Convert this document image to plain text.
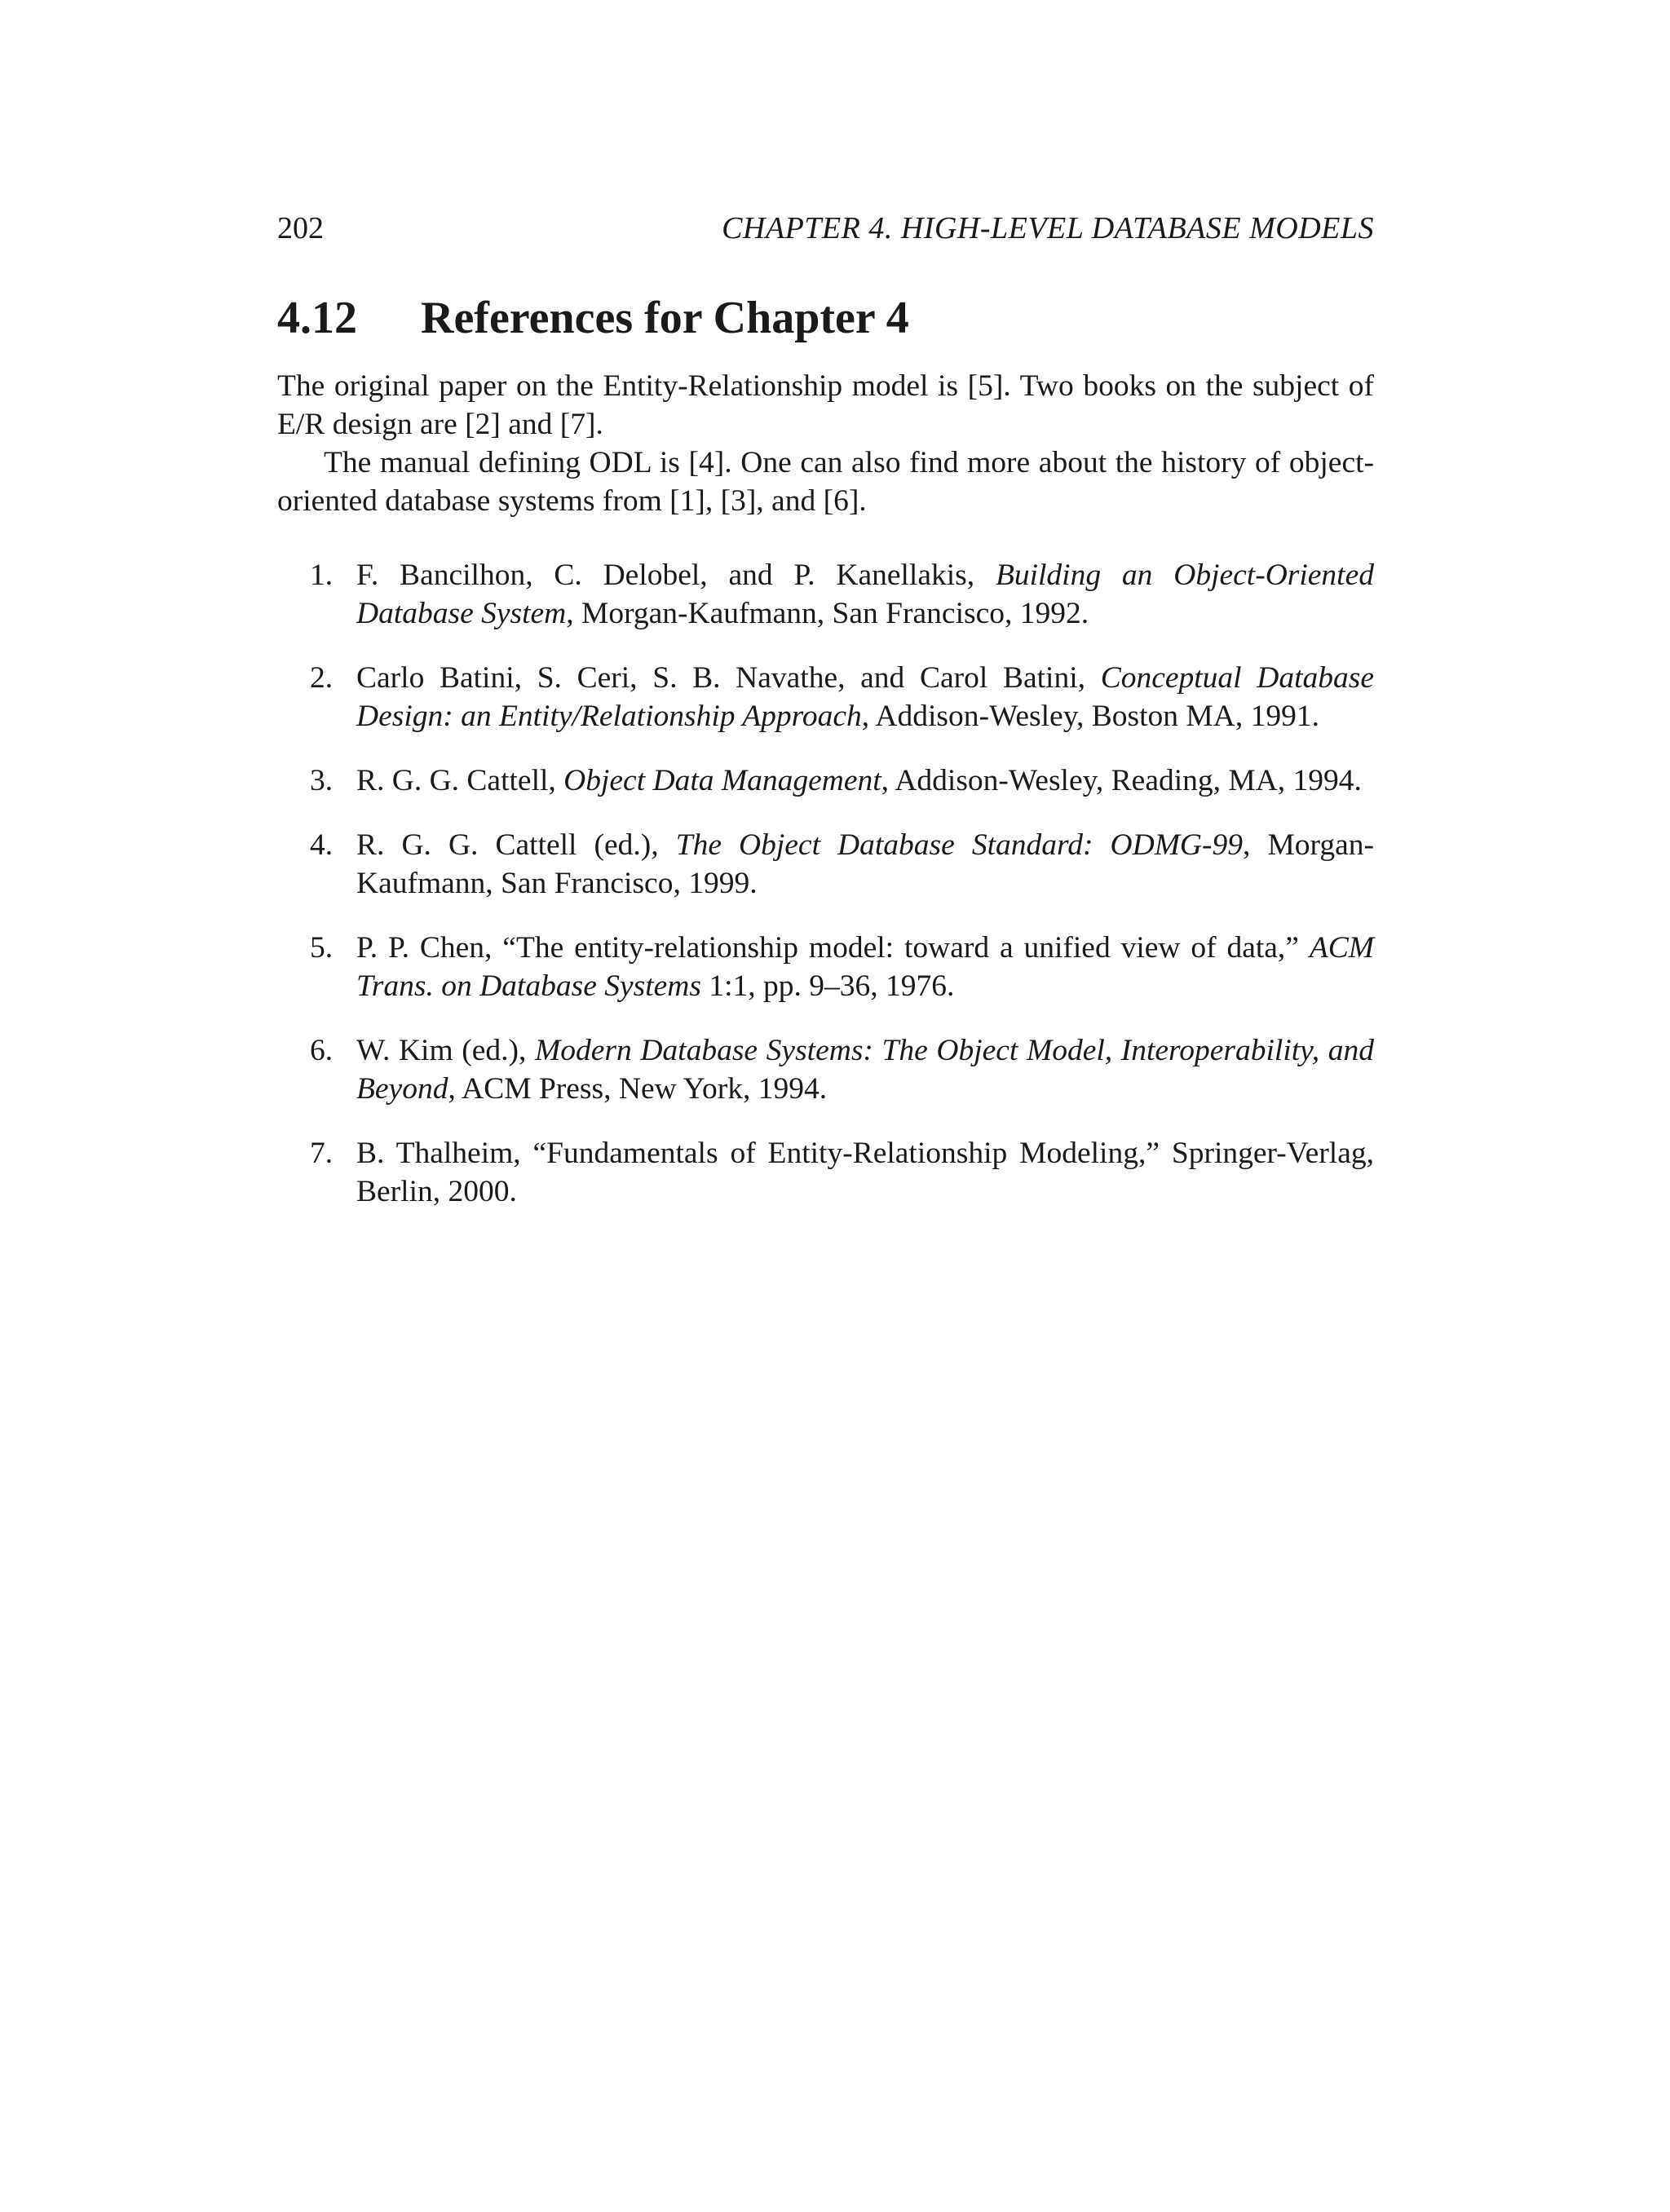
202	CHAPTER 4. HIGH-LEVEL DATABASE MODELS
4.12 References for Chapter 4

The original paper on the Entity-Relationship model is [5]. Two books on the subject of E/R design are [2] and [7].

The manual defining ODL is [4]. One can also find more about the history of object-oriented database systems from [1], [3], and [6].

1. F. Bancilhon, C. Delobel, and P. Kanellakis, Building an Object-Oriented Database System, Morgan-Kaufmann, San Francisco, 1992.
2. Carlo Batini, S. Ceri, S. B. Navathe, and Carol Batini, Conceptual Database Design: an Entity/Relationship Approach, Addison-Wesley, Boston MA, 1991.
3. R. G. G. Cattell, Object Data Management, Addison-Wesley, Reading, MA, 1994.
4. R. G. G. Cattell (ed.), The Object Database Standard: ODMG-99, Morgan-Kaufmann, San Francisco, 1999.
5. P. P. Chen, “The entity-relationship model: toward a unified view of data,” ACM Trans. on Database Systems 1:1, pp. 9–36, 1976.
6. W. Kim (ed.), Modern Database Systems: The Object Model, Interoperability, and Beyond, ACM Press, New York, 1994.
7. B. Thalheim, “Fundamentals of Entity-Relationship Modeling,” Springer-Verlag, Berlin, 2000.
